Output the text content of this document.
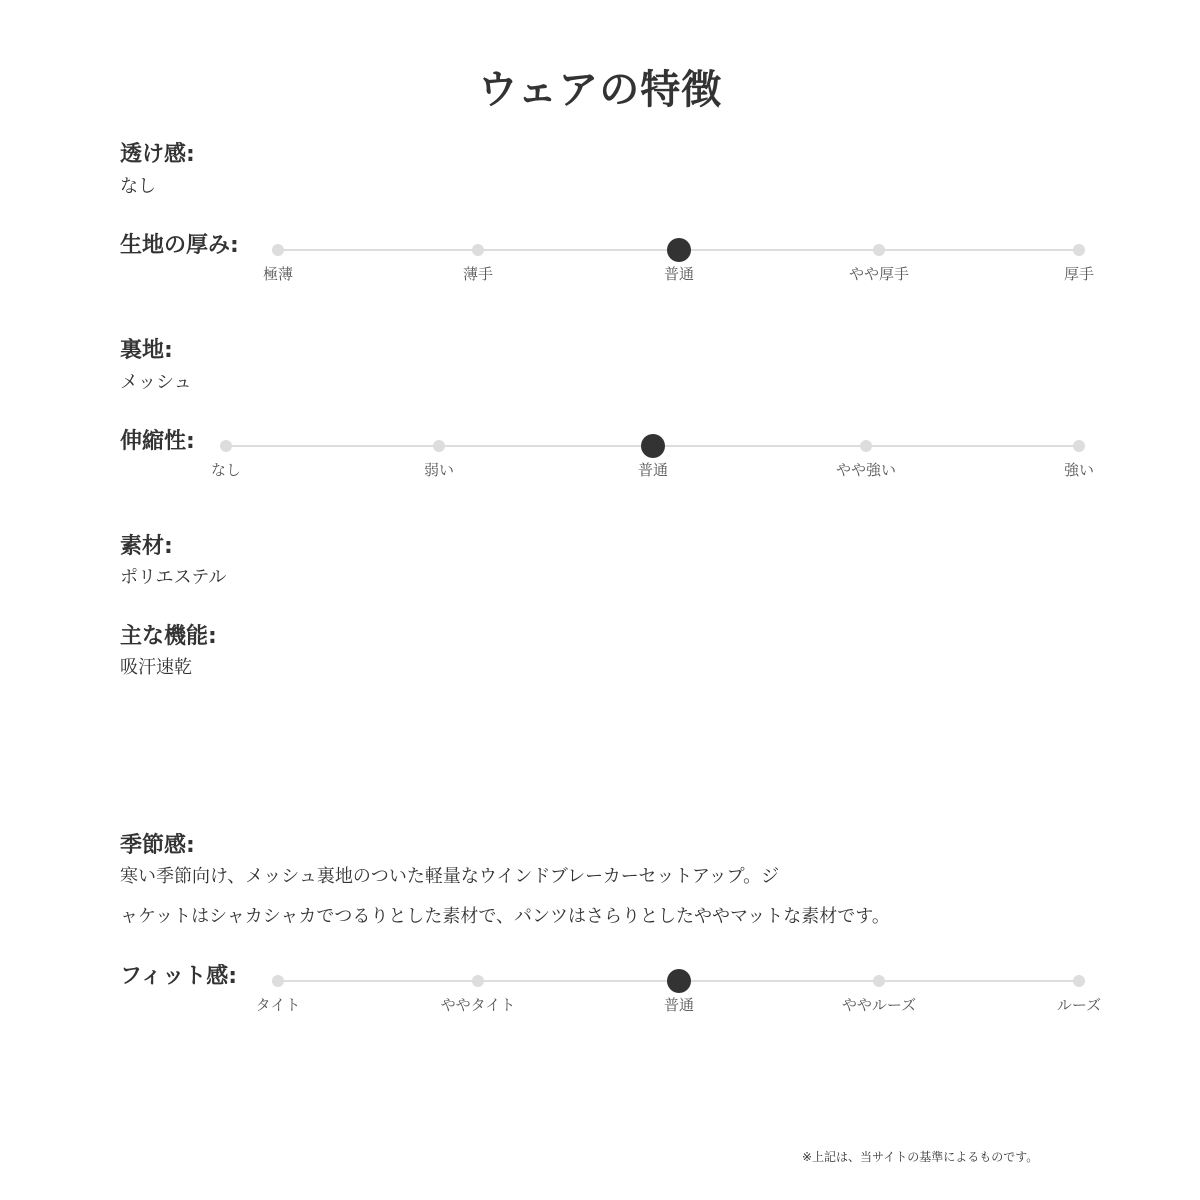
ウェアの特徴
透け感:
なし
生地の厚み:
極薄	薄手	普通	やや厚手	厚手
裏地:
メッシュ
伸縮性:
なし	弱い	普通	やや強い	強い
素材:
ポリエステル
主な機能:
吸汗速乾
季節感:
寒い季節向け、メッシュ裏地のついた軽量なウインドブレーカーセットアップ。ジ
ャケットはシャカシャカでつるりとした素材で、パンツはさらりとしたややマットな素材です。
フィット感:
タイト	ややタイト	普通	ややルーズ	ルーズ
※上記は、当サイトの基準によるものです。
